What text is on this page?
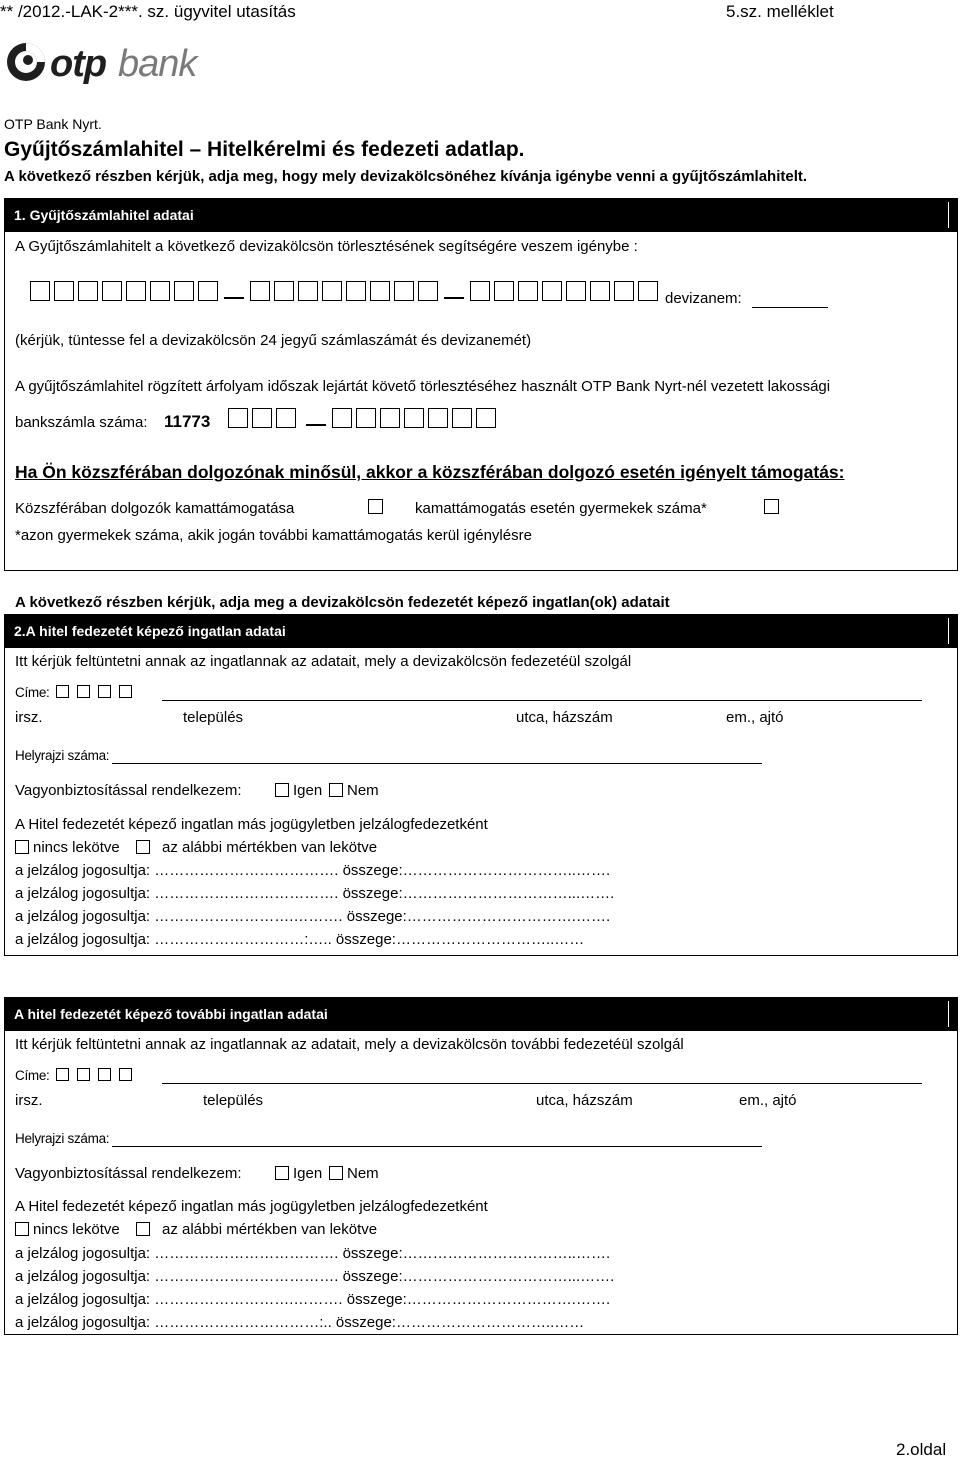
** /2012.-LAK-2***. sz. ügyvitel utasítás	5.sz. melléklet
otp bank
OTP Bank Nyrt.
Gyűjtőszámlahitel – Hitelkérelmi és fedezeti adatlap.
A következő részben kérjük, adja meg, hogy mely devizakölcsönéhez kívánja igénybe venni a gyűjtőszámlahitelt.
1. Gyűjtőszámlahitel adatai
A Gyűjtőszámlahitelt a következő devizakölcsön törlesztésének segítségére veszem igénybe :
devizanem:
(kérjük, tüntesse fel a devizakölcsön 24 jegyű számlaszámát és devizanemét)
A gyűjtőszámlahitel rögzített árfolyam időszak lejártát követő törlesztéséhez használt OTP Bank Nyrt-nél vezetett lakossági
bankszámla száma: 11773
Ha Ön közszférában dolgozónak minősül, akkor a közszférában dolgozó esetén igényelt támogatás:
Közszférában dolgozók kamattámogatása	kamattámogatás esetén gyermekek száma*
*azon gyermekek száma, akik jogán további kamattámogatás kerül igénylésre
A következő részben kérjük, adja meg a devizakölcsön fedezetét képező ingatlan(ok) adatait
2.A hitel fedezetét képező ingatlan adatai
Itt kérjük feltüntetni annak az ingatlannak az adatait, mely a devizakölcsön fedezetéül szolgál
Címe:
irsz.	település	utca, házszám	em., ajtó
Helyrajzi száma:
Vagyonbiztosítással rendelkezem:	Igen Nem
A Hitel fedezetét képező ingatlan más jogügyletben jelzálogfedezetként
nincs lekötve	az alábbi mértékben van lekötve
a jelzálog jogosultja: ………………………………. összege:……………………………..…….
a jelzálog jogosultja: ………………………………. összege:……………………………...…….
a jelzálog jogosultja: ……………………….………. összege:…………………………….…….
a jelzálog jogosultja: …………………………:….. összege:…………………………..……
A hitel fedezetét képező további ingatlan adatai
Itt kérjük feltüntetni annak az ingatlannak az adatait, mely a devizakölcsön további fedezetéül szolgál
Címe:
irsz.	település	utca, házszám	em., ajtó
Helyrajzi száma:
Vagyonbiztosítással rendelkezem:	Igen Nem
A Hitel fedezetét képező ingatlan más jogügyletben jelzálogfedezetként
nincs lekötve	az alábbi mértékben van lekötve
a jelzálog jogosultja: ………………………………. összege:……………………………..…….
a jelzálog jogosultja: ………………………………. összege:……………………………...…….
a jelzálog jogosultja: ……………………….………. összege:…………………………….…….
a jelzálog jogosultja: ……………………………:.. összege:…………………………..……
2.oldal
